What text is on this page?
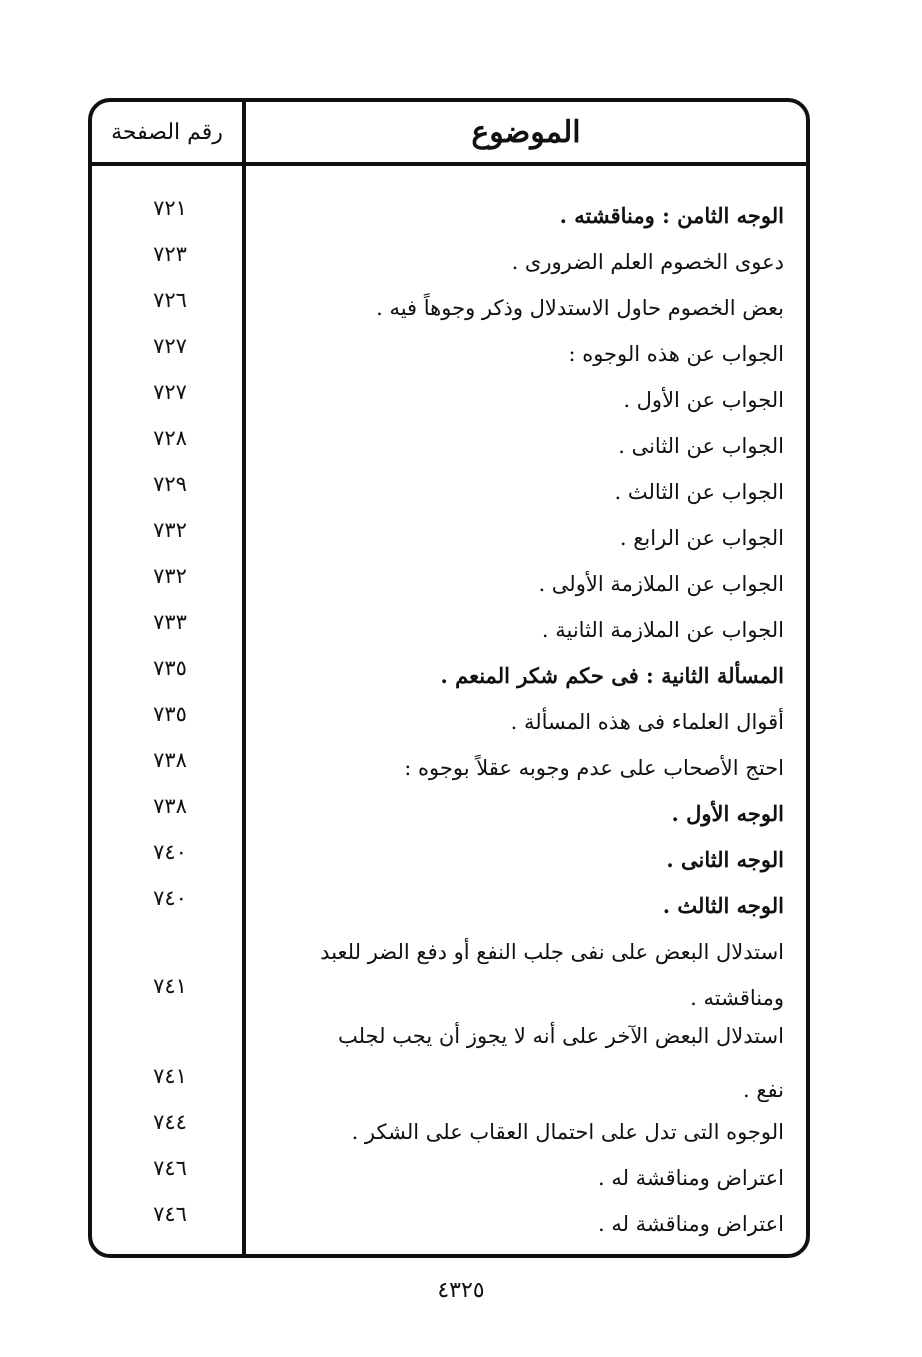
الموضوع
رقم الصفحة
الوجه الثامن : ومناقشته .
٧٢١
دعوى الخصوم العلم الضرورى .
٧٢٣
بعض الخصوم حاول الاستدلال وذكر وجوهاً فيه .
٧٢٦
الجواب عن هذه الوجوه :
٧٢٧
الجواب عن الأول .
٧٢٧
الجواب عن الثانى .
٧٢٨
الجواب عن الثالث .
٧٢٩
الجواب عن الرابع .
٧٣٢
الجواب عن الملازمة الأولى .
٧٣٢
الجواب عن الملازمة الثانية .
٧٣٣
المسألة الثانية : فى حكم شكر المنعم .
٧٣٥
أقوال العلماء فى هذه المسألة .
٧٣٥
احتج الأصحاب على عدم وجوبه عقلاً بوجوه :
٧٣٨
الوجه الأول .
٧٣٨
الوجه الثانى .
٧٤٠
الوجه الثالث .
٧٤٠
استدلال البعض على نفى جلب النفع أو دفع الضر للعبد
ومناقشته .
٧٤١
استدلال البعض الآخر على أنه لا يجوز أن يجب لجلب
نفع .
٧٤١
الوجوه التى تدل على احتمال العقاب على الشكر .
٧٤٤
اعتراض ومناقشة له .
٧٤٦
اعتراض ومناقشة له .
٧٤٦
٤٣٢٥
